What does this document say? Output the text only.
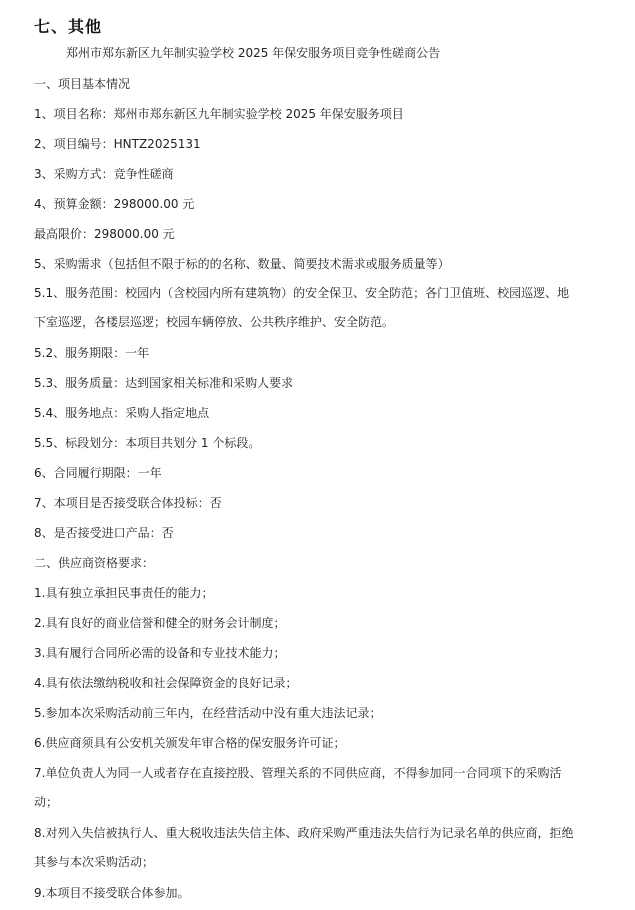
七、其他
郑州市郑东新区九年制实验学校 2025 年保安服务项目竞争性磋商公告
一、项目基本情况
1、项目名称：郑州市郑东新区九年制实验学校 2025 年保安服务项目
2、项目编号：HNTZ2025131
3、采购方式：竞争性磋商
4、预算金额：298000.00 元
最高限价：298000.00 元
5、采购需求（包括但不限于标的的名称、数量、简要技术需求或服务质量等）
5.1、服务范围：校园内（含校园内所有建筑物）的安全保卫、安全防范；各门卫值班、校园巡逻、地下室巡逻，各楼层巡逻；校园车辆停放、公共秩序维护、安全防范。
5.2、服务期限：一年
5.3、服务质量：达到国家相关标准和采购人要求
5.4、服务地点：采购人指定地点
5.5、标段划分：本项目共划分 1 个标段。
6、合同履行期限：一年
7、本项目是否接受联合体投标：否
8、是否接受进口产品：否
二、供应商资格要求：
1.具有独立承担民事责任的能力；
2.具有良好的商业信誉和健全的财务会计制度；
3.具有履行合同所必需的设备和专业技术能力；
4.具有依法缴纳税收和社会保障资金的良好记录；
5.参加本次采购活动前三年内，在经营活动中没有重大违法记录；
6.供应商须具有公安机关颁发年审合格的保安服务许可证；
7.单位负责人为同一人或者存在直接控股、管理关系的不同供应商，不得参加同一合同项下的采购活动；
8.对列入失信被执行人、重大税收违法失信主体、政府采购严重违法失信行为记录名单的供应商，拒绝其参与本次采购活动；
9.本项目不接受联合体参加。
